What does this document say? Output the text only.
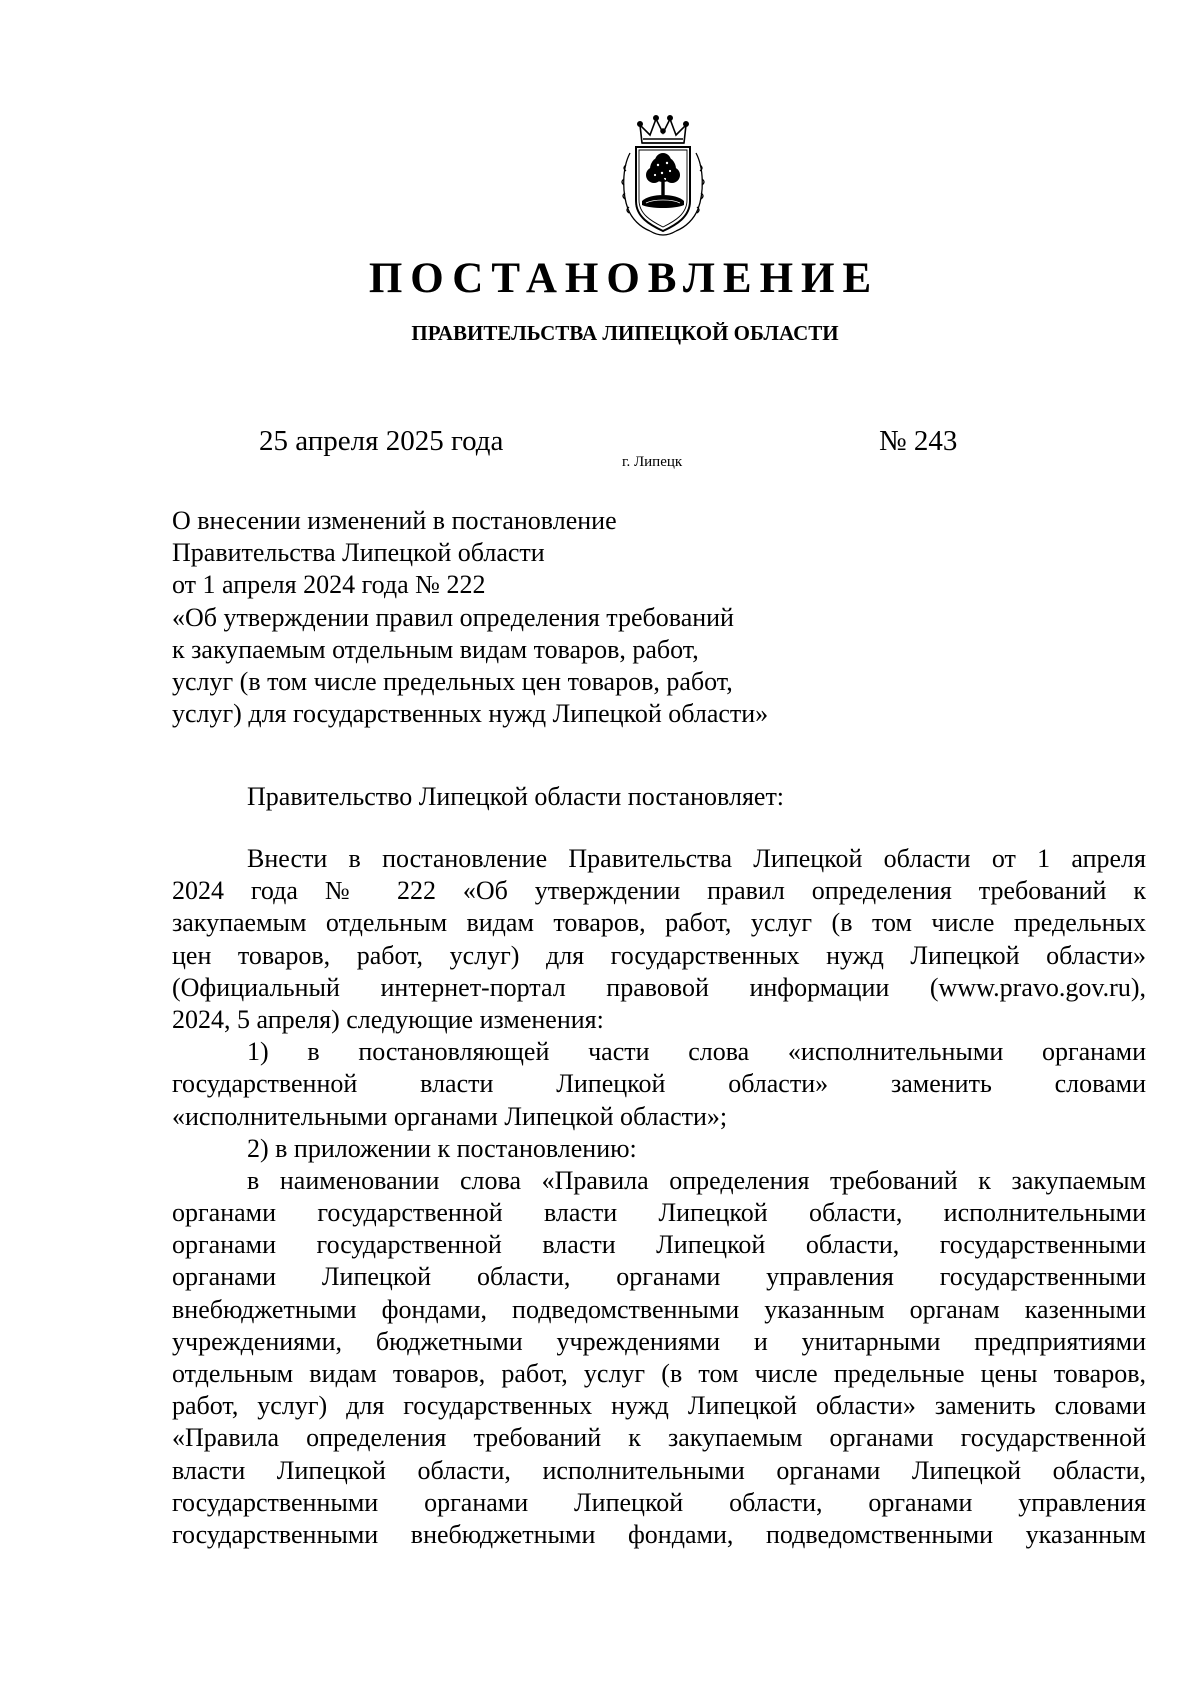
ПОСТАНОВЛЕНИЕ
ПРАВИТЕЛЬСТВА ЛИПЕЦКОЙ ОБЛАСТИ
25 апреля 2025 года
г. Липецк
№ 243
О внесении изменений в постановление
Правительства Липецкой области
от 1 апреля 2024 года № 222
«Об утверждении правил определения требований
к закупаемым отдельным видам товаров, работ,
услуг (в том числе предельных цен товаров, работ,
услуг) для государственных нужд Липецкой области»
Правительство Липецкой области постановляет:
Внести в постановление Правительства Липецкой области от 1 апреля
2024 года № 222 «Об утверждении правил определения требований к
закупаемым отдельным видам товаров, работ, услуг (в том числе предельных
цен товаров, работ, услуг) для государственных нужд Липецкой области»
(Официальный интернет-портал правовой информации (www.pravo.gov.ru),
2024, 5 апреля) следующие изменения:
1) в постановляющей части слова «исполнительными органами
государственной власти Липецкой области» заменить словами
«исполнительными органами Липецкой области»;
2) в приложении к постановлению:
в наименовании слова «Правила определения требований к закупаемым
органами государственной власти Липецкой области, исполнительными
органами государственной власти Липецкой области, государственными
органами Липецкой области, органами управления государственными
внебюджетными фондами, подведомственными указанным органам казенными
учреждениями, бюджетными учреждениями и унитарными предприятиями
отдельным видам товаров, работ, услуг (в том числе предельные цены товаров,
работ, услуг) для государственных нужд Липецкой области» заменить словами
«Правила определения требований к закупаемым органами государственной
власти Липецкой области, исполнительными органами Липецкой области,
государственными органами Липецкой области, органами управления
государственными внебюджетными фондами, подведомственными указанным
